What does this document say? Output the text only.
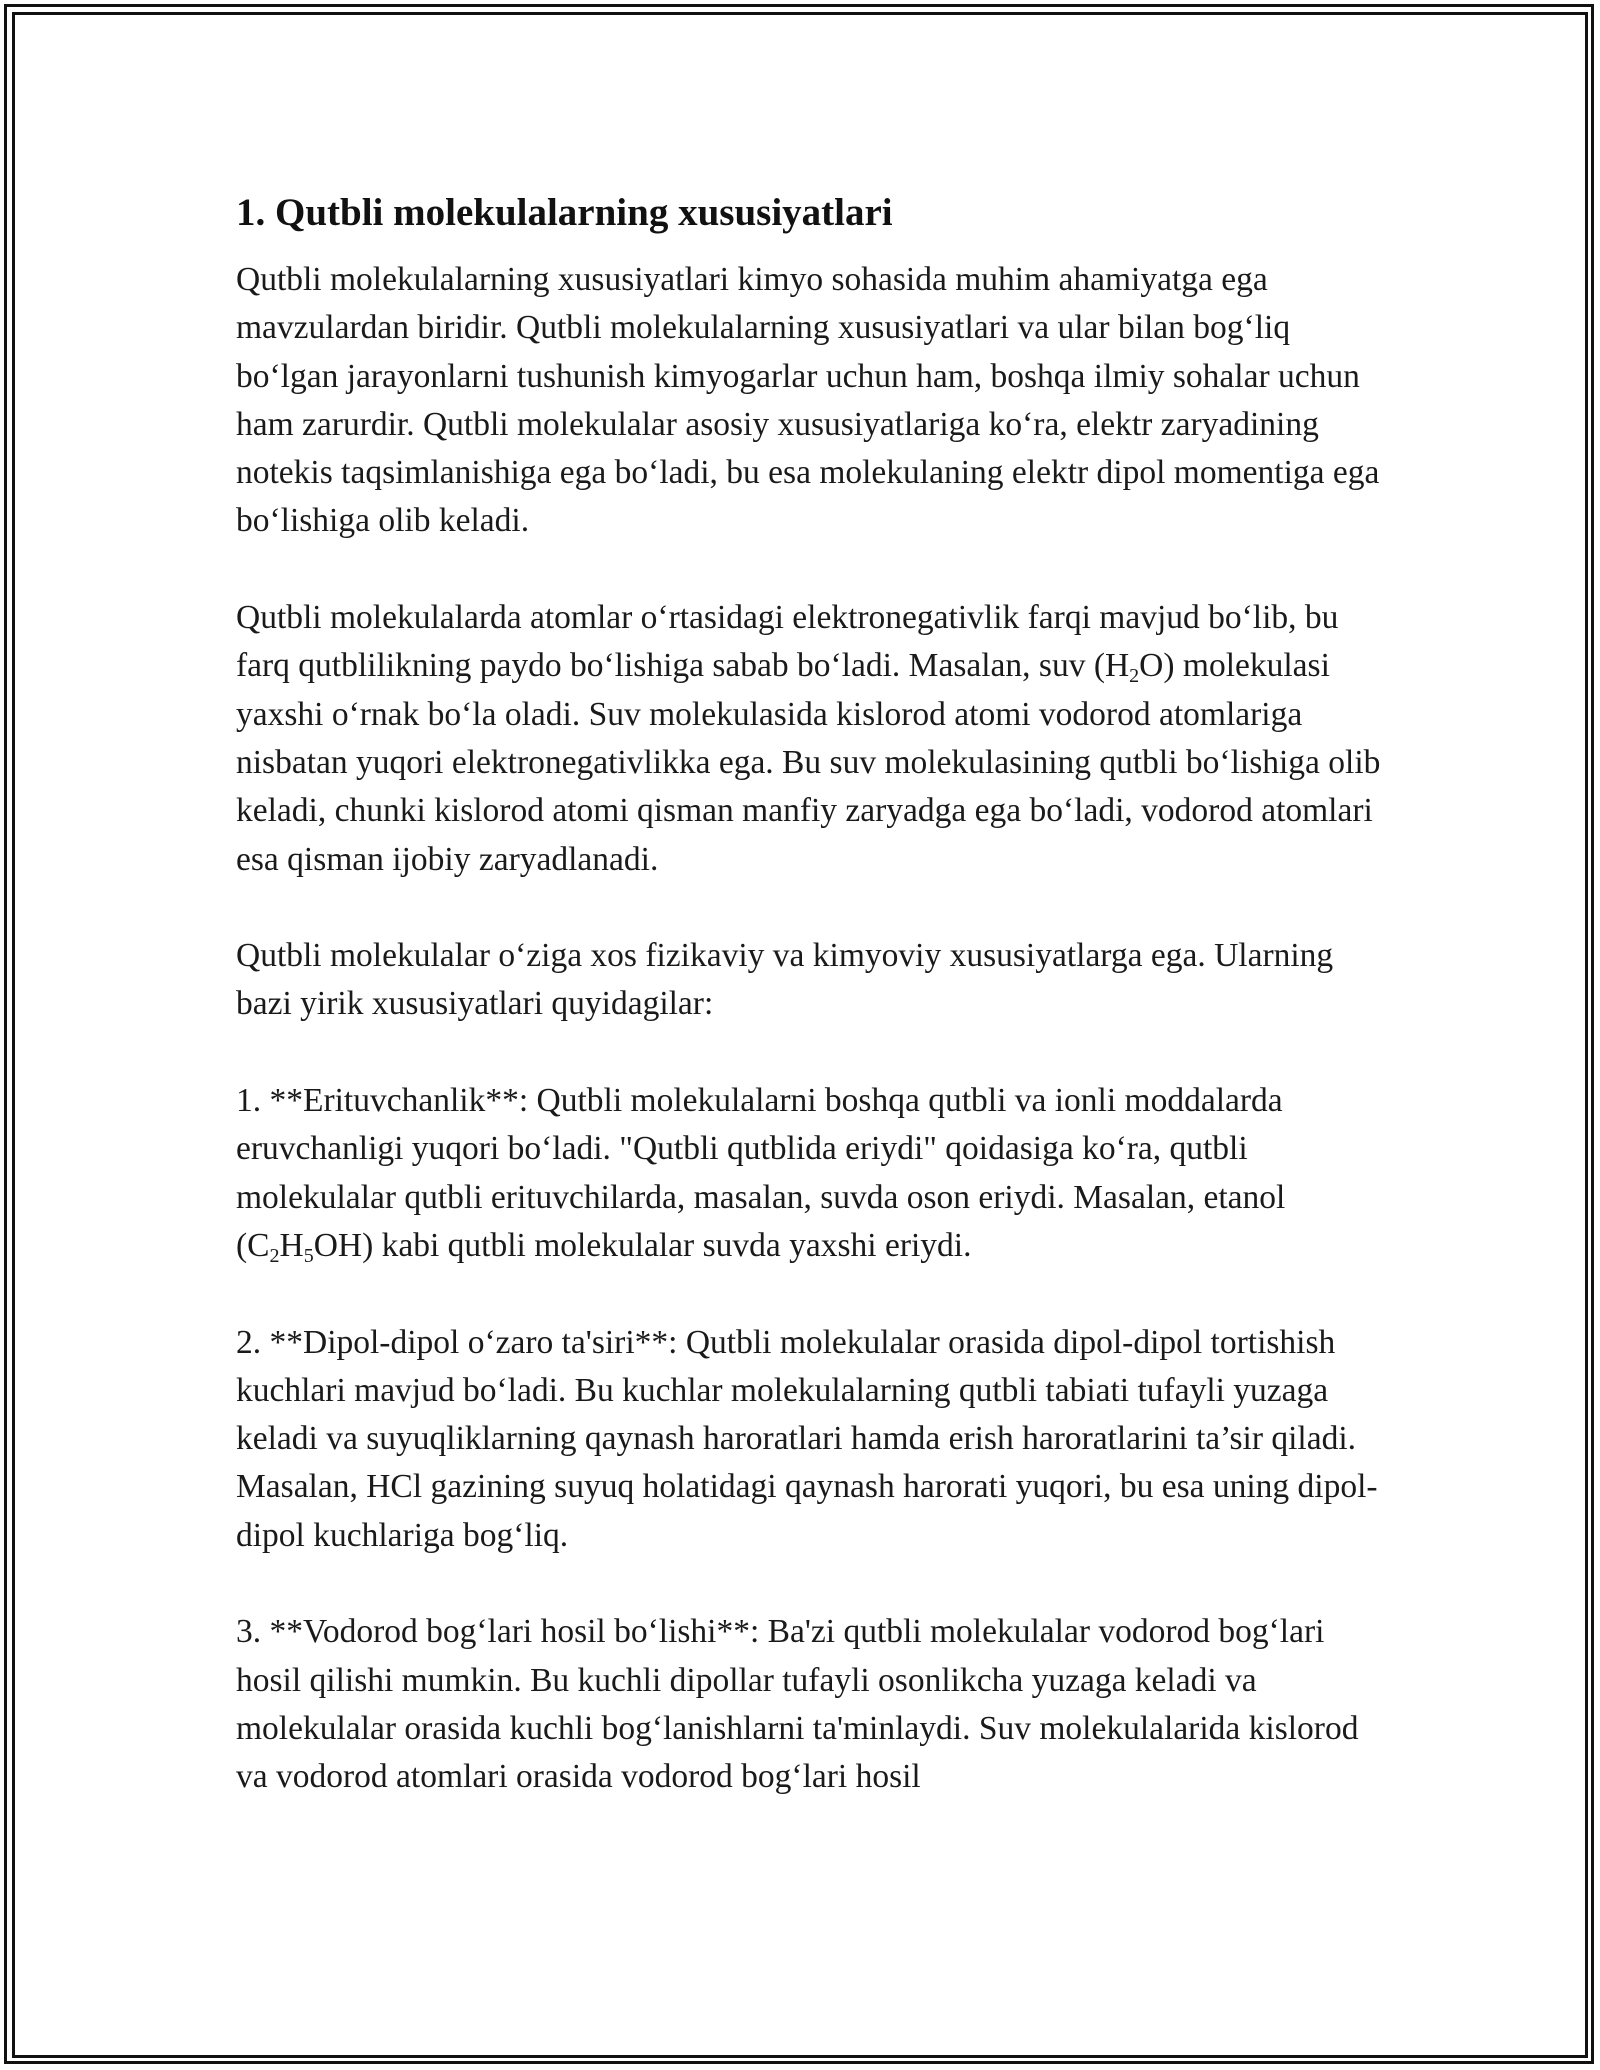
1. Qutbli molekulalarning xususiyatlari

Qutbli molekulalarning xususiyatlari kimyo sohasida muhim ahamiyatga ega mavzulardan biridir. Qutbli molekulalarning xususiyatlari va ular bilan bog‘liq bo‘lgan jarayonlarni tushunish kimyogarlar uchun ham, boshqa ilmiy sohalar uchun ham zarurdir. Qutbli molekulalar asosiy xususiyatlariga ko‘ra, elektr zaryadining notekis taqsimlanishiga ega bo‘ladi, bu esa molekulaning elektr dipol momentiga ega bo‘lishiga olib keladi.

Qutbli molekulalarda atomlar o‘rtasidagi elektronegativlik farqi mavjud bo‘lib, bu farq qutblilikning paydo bo‘lishiga sabab bo‘ladi. Masalan, suv $(H_2O)$ molekulasi yaxshi o‘rnak bo‘la oladi. Suv molekulasida kislorod atomi vodorod atomlariga nisbatan yuqori elektronegativlikka ega. Bu suv molekulasining qutbli bo‘lishiga olib keladi, chunki kislorod atomi qisman manfiy zaryadga ega bo‘ladi, vodorod atomlari esa qisman ijobiy zaryadlanadi.

Qutbli molekulalar o‘ziga xos fizikaviy va kimyoviy xususiyatlarga ega. Ularning bazi yirik xususiyatlari quyidagilar:

1. **Erituvchanlik**: Qutbli molekulalarni boshqa qutbli va ionli moddalarda eruvchanligi yuqori bo‘ladi. "Qutbli qutblida eriydi" qoidasiga ko‘ra, qutbli molekulalar qutbli erituvchilarda, masalan, suvda oson eriydi. Masalan, etanol $(C_2H_5OH)$ kabi qutbli molekulalar suvda yaxshi eriydi.

2. **Dipol-dipol o‘zaro ta'siri**: Qutbli molekulalar orasida dipol-dipol tortishish kuchlari mavjud bo‘ladi. Bu kuchlar molekulalarning qutbli tabiati tufayli yuzaga keladi va suyuqliklarning qaynash haroratlari hamda erish haroratlarini ta’sir qiladi. Masalan, HCl gazining suyuq holatidagi qaynash harorati yuqori, bu esa uning dipol-dipol kuchlariga bog‘liq.

3. **Vodorod bog‘lari hosil bo‘lishi**: Ba'zi qutbli molekulalar vodorod bog‘lari hosil qilishi mumkin. Bu kuchli dipollar tufayli osonlikcha yuzaga keladi va molekulalar orasida kuchli bog‘lanishlarni ta'minlaydi. Suv molekulalarida kislorod va vodorod atomlari orasida vodorod bog‘lari hosil
